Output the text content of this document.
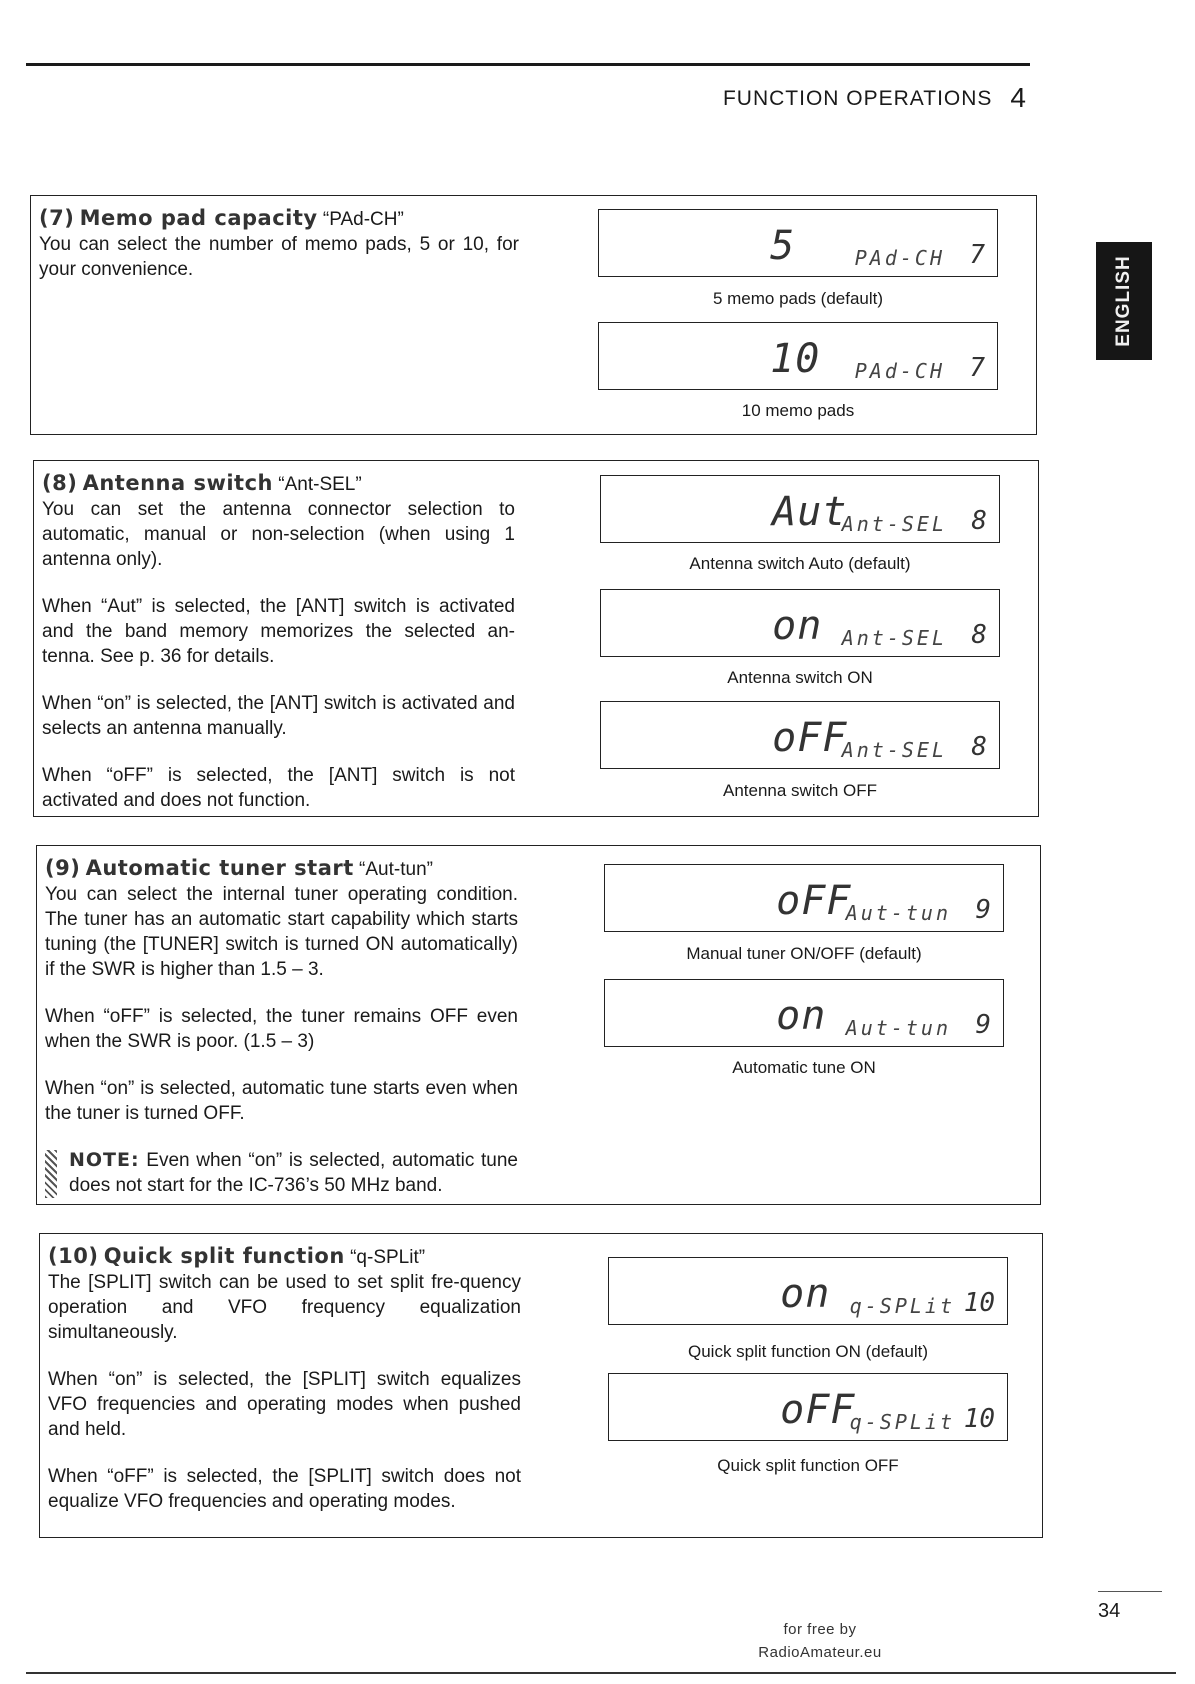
FUNCTION OPERATIONS 4
ENGLISH
(7) Memo pad capacity “PAd-CH”

You can select the number of memo pads, 5 or 10, for your convenience.

5	PAd-CH 7
5 memo pads (default)
10 PAd-CH 7
10 memo pads
(8) Antenna switch “Ant-SEL”

You can set the antenna connector selection to automatic, manual or non-selection (when using 1 antenna only).

When “Aut” is selected, the [ANT] switch is activated and the band memory memorizes the selected an-tenna. See p. 36 for details.

When “on” is selected, the [ANT] switch is activated and selects an antenna manually.

When “oFF” is selected, the [ANT] switch is not activated and does not function.

Aut
Ant-SEL 8
Antenna switch Auto (default)
on Ant-SEL 8
Antenna switch ON
oFF
Ant-SEL 8
Antenna switch OFF
(9) Automatic tuner start “Aut-tun”

You can select the internal tuner operating condition. The tuner has an automatic start capability which starts tuning (the [TUNER] switch is turned ON automatically) if the SWR is higher than 1.5 – 3.

When “oFF” is selected, the tuner remains OFF even when the SWR is poor. (1.5 – 3)

When “on” is selected, automatic tune starts even when the tuner is turned OFF.

NOTE: Even when “on” is selected, automatic tune does not start for the IC-736’s 50 MHz band.
oFF
Aut-tun 9
Manual tuner ON/OFF (default)
on Aut-tun 9
Automatic tune ON
(10) Quick split function “q-SPLit”

The [SPLIT] switch can be used to set split fre-quency operation and VFO frequency equalization simultaneously.

When “on” is selected, the [SPLIT] switch equalizes VFO frequencies and operating modes when pushed and held.

When “oFF” is selected, the [SPLIT] switch does not equalize VFO frequencies and operating modes.

on q-SPLit 10
Quick split function ON (default)
oFF
q-SPLit 10
Quick split function OFF
34
for free by
RadioAmateur.eu
